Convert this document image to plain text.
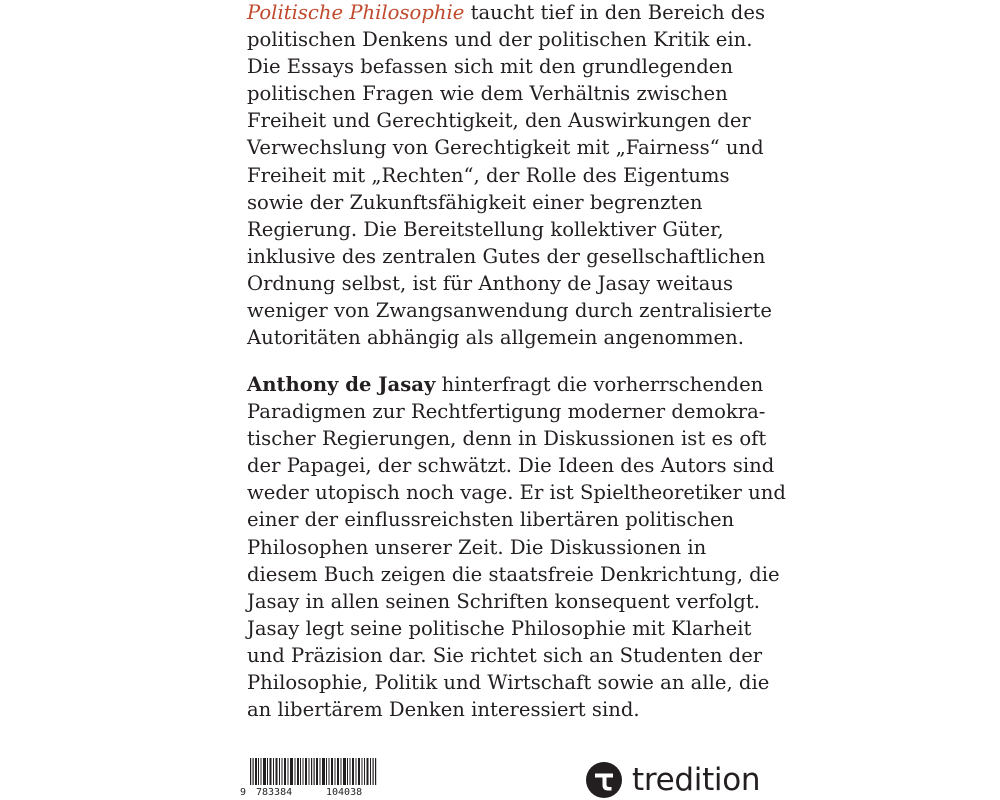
Politische Philosophie taucht tief in den Bereich des
politischen Denkens und der politischen Kritik ein.
Die Essays befassen sich mit den grundlegenden
politischen Fragen wie dem Verhältnis zwischen
Freiheit und Gerechtigkeit, den Auswirkungen der
Verwechslung von Gerechtigkeit mit „Fairness“ und
Freiheit mit „Rechten“, der Rolle des Eigentums
sowie der Zukunftsfähigkeit einer begrenzten
Regierung. Die Bereitstellung kollektiver Güter,
inklusive des zentralen Gutes der gesellschaftlichen
Ordnung selbst, ist für Anthony de Jasay weitaus
weniger von Zwangsanwendung durch zentralisierte
Autoritäten abhängig als allgemein angenommen.
Anthony de Jasay hinterfragt die vorherrschenden
Paradigmen zur Rechtfertigung moderner demokra-
tischer Regierungen, denn in Diskussionen ist es oft
der Papagei, der schwätzt. Die Ideen des Autors sind
weder utopisch noch vage. Er ist Spieltheoretiker und
einer der einflussreichsten libertären politischen
Philosophen unserer Zeit. Die Diskussionen in
diesem Buch zeigen die staatsfreie Denkrichtung, die
Jasay in allen seinen Schriften konsequent verfolgt.
Jasay legt seine politische Philosophie mit Klarheit
und Präzision dar. Sie richtet sich an Studenten der
Philosophie, Politik und Wirtschaft sowie an alle, die
an libertärem Denken interessiert sind.
9 783384	104038	tredition
